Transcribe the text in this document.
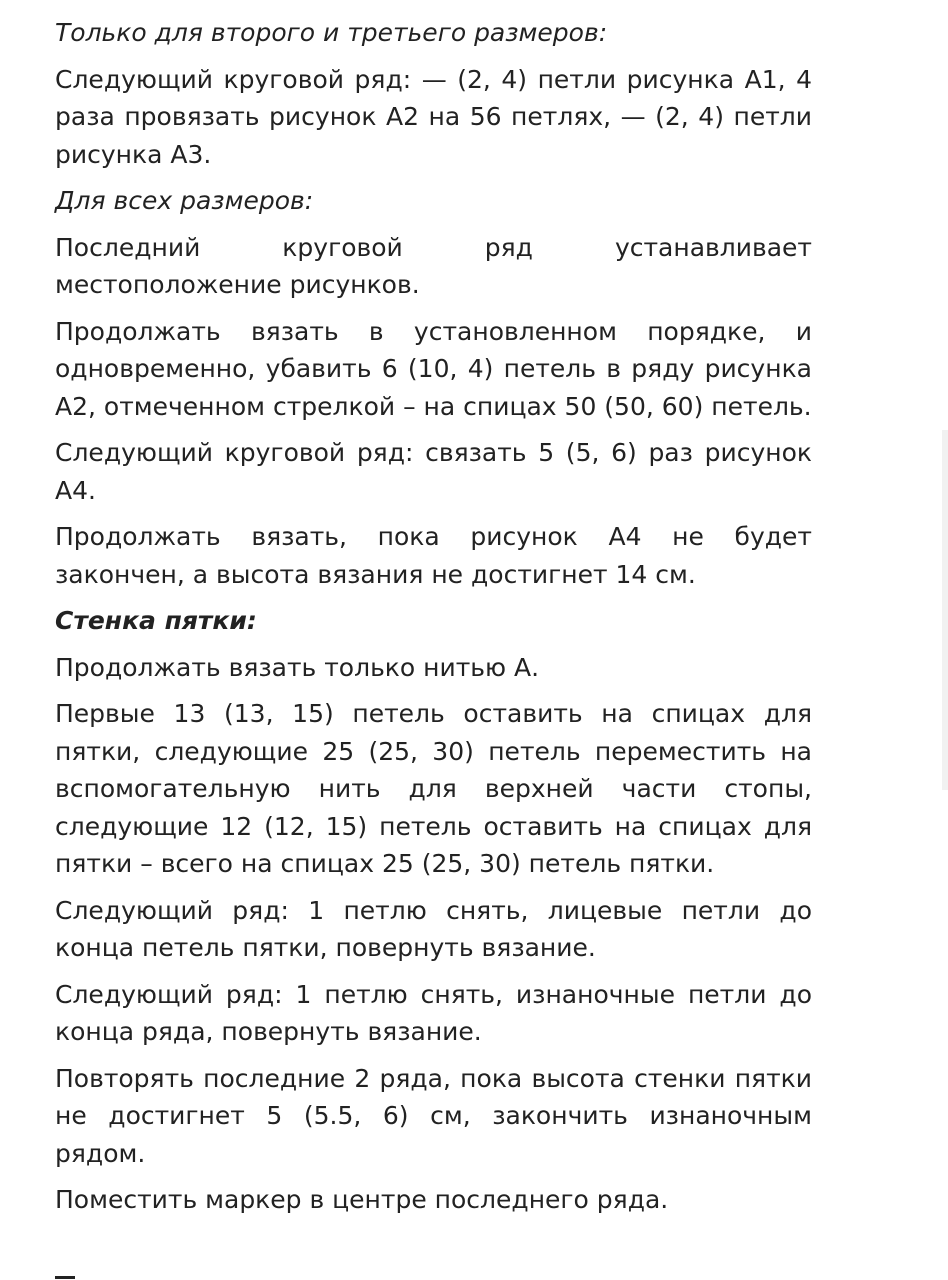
Только для второго и третьего размеров:

Следующий круговой ряд: — (2, 4) петли рисунка А1, 4 раза провязать рисунок А2 на 56 петлях, — (2, 4) петли рисунка А3.

Для всех размеров:

Последний круговой ряд устанавливает местоположение рисунков.

Продолжать вязать в установленном порядке, и одновременно, убавить 6 (10, 4) петель в ряду рисунка А2, отмеченном стрелкой – на спицах 50 (50, 60) петель.

Следующий круговой ряд: связать 5 (5, 6) раз рисунок А4.

Продолжать вязать, пока рисунок А4 не будет закончен, а высота вязания не достигнет 14 см.

Стенка пятки:

Продолжать вязать только нитью А.

Первые 13 (13, 15) петель оставить на спицах для пятки, следующие 25 (25, 30) петель переместить на вспомогательную нить для верхней части стопы, следующие 12 (12, 15) петель оставить на спицах для пятки – всего на спицах 25 (25, 30) петель пятки.

Следующий ряд: 1 петлю снять, лицевые петли до конца петель пятки, повернуть вязание.

Следующий ряд: 1 петлю снять, изнаночные петли до конца ряда, повернуть вязание.

Повторять последние 2 ряда, пока высота стенки пятки не достигнет 5 (5.5, 6) см, закончить изнаночным рядом.

Поместить маркер в центре последнего ряда.
